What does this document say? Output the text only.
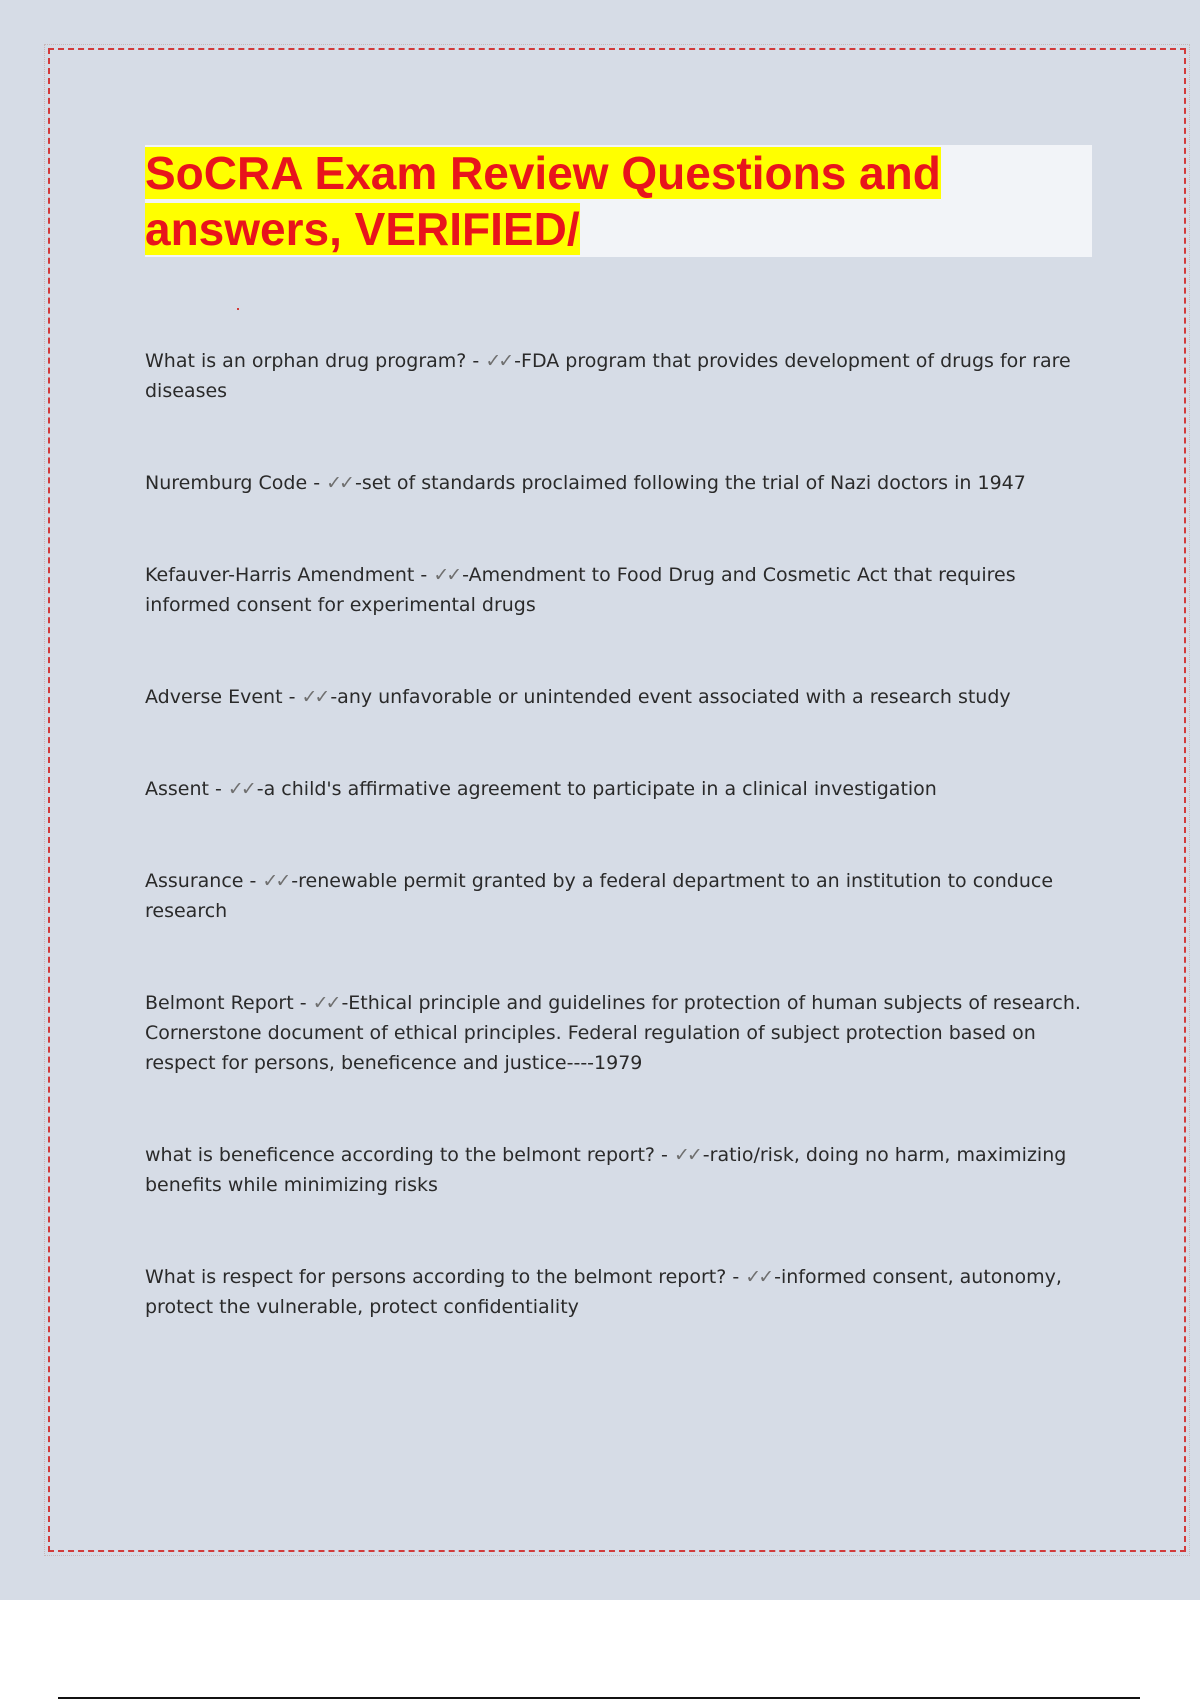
SoCRA Exam Review Questions and answers, VERIFIED/

What is an orphan drug program? - ✓✓ -FDA program that provides development of drugs for rare diseases

Nuremburg Code - ✓✓ -set of standards proclaimed following the trial of Nazi doctors in 1947

Kefauver-Harris Amendment - ✓✓ -Amendment to Food Drug and Cosmetic Act that requires informed consent for experimental drugs

Adverse Event - ✓✓ -any unfavorable or unintended event associated with a research study

Assent - ✓✓ -a child's affirmative agreement to participate in a clinical investigation

Assurance - ✓✓ -renewable permit granted by a federal department to an institution to conduce research

Belmont Report - ✓✓ -Ethical principle and guidelines for protection of human subjects of research. Cornerstone document of ethical principles. Federal regulation of subject protection based on respect for persons, beneficence and justice----1979

what is beneficence according to the belmont report? - ✓✓ -ratio/risk, doing no harm, maximizing benefits while minimizing risks

What is respect for persons according to the belmont report? - ✓✓ -informed consent, autonomy, protect the vulnerable, protect confidentiality
